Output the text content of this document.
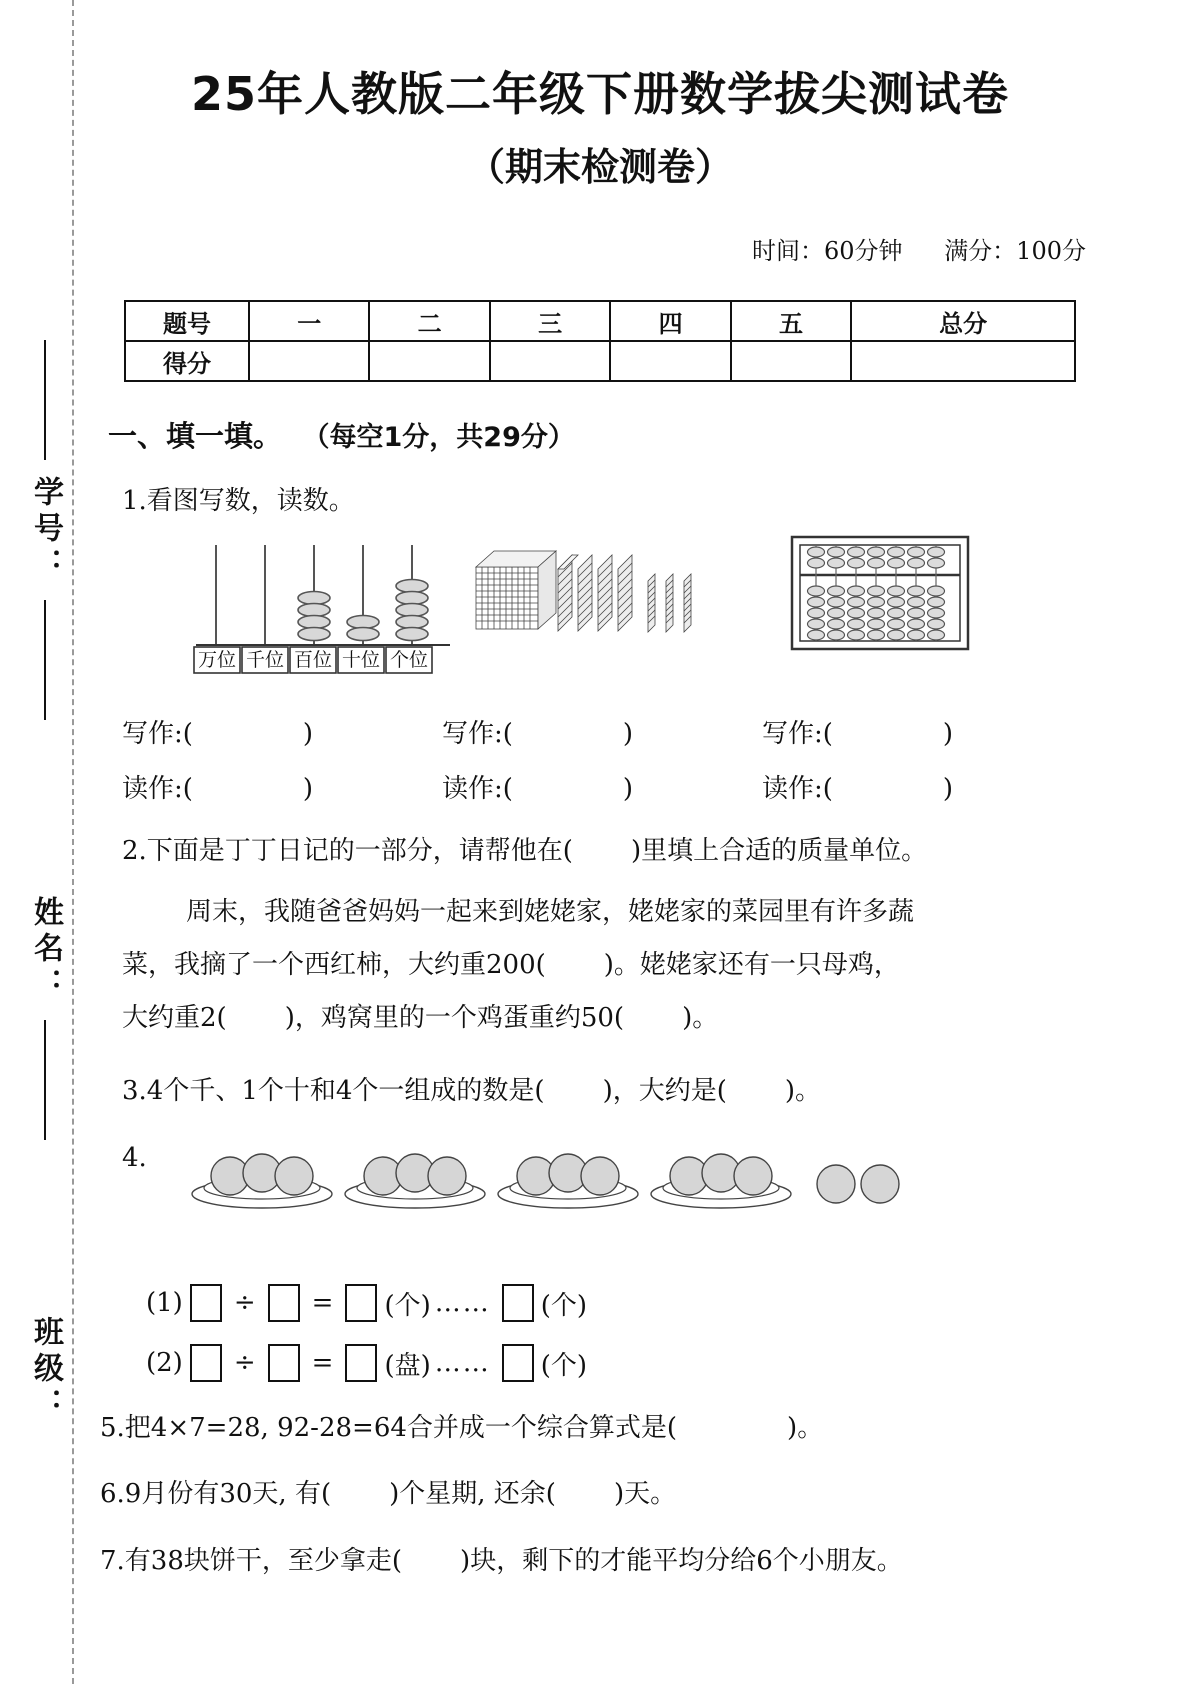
学号：
姓名：
班级：
25年人教版二年级下册数学拔尖测试卷
（期末检测卷）
时间：60分钟 满分：100分
题号	一	二	三	四	五	总分
得分						
一、填一填。 （每空1分，共29分）
1.看图写数，读数。
万位 千位 百位 十位 个位
写作:(	)	写作:(	)	写作:(	)
读作:(	)	读作:(	)	读作:(	)
2.下面是丁丁日记的一部分，请帮他在( )里填上合适的质量单位。
周末，我随爸爸妈妈一起来到姥姥家，姥姥家的菜园里有许多蔬
菜，我摘了一个西红柿，大约重200( )。姥姥家还有一只母鸡，
大约重2( )，鸡窝里的一个鸡蛋重约50( )。
3.4个千、1个十和4个一组成的数是( )，大约是( )。
4.
(1) ÷ = (个) …… (个)
(2) ÷ = (盘) …… (个)
5.把4×7=28, 92-28=64合并成一个综合算式是(	)。
6.9月份有30天, 有( )个星期, 还余( )天。
7.有38块饼干，至少拿走( )块，剩下的才能平均分给6个小朋友。
